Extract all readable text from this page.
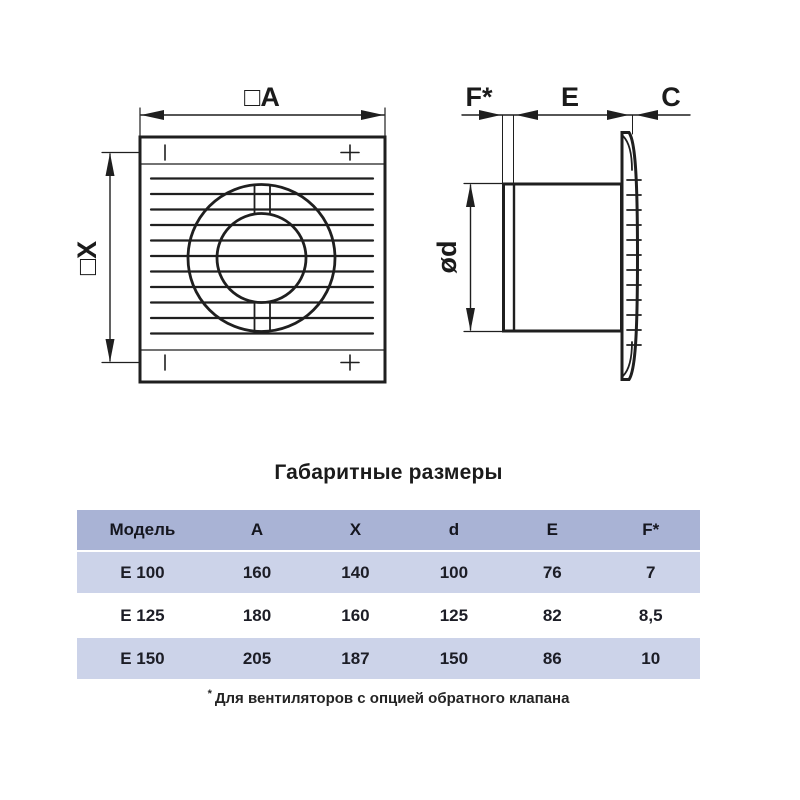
□A
□X
F*	E	C
ød
Габаритные размеры
Модель	A	X	d	E	F*
E 100	160	140	100	76	7
E 125	180	160	125	82	8,5
E 150	205	187	150	86	10
* Для вентиляторов с опцией обратного клапана
